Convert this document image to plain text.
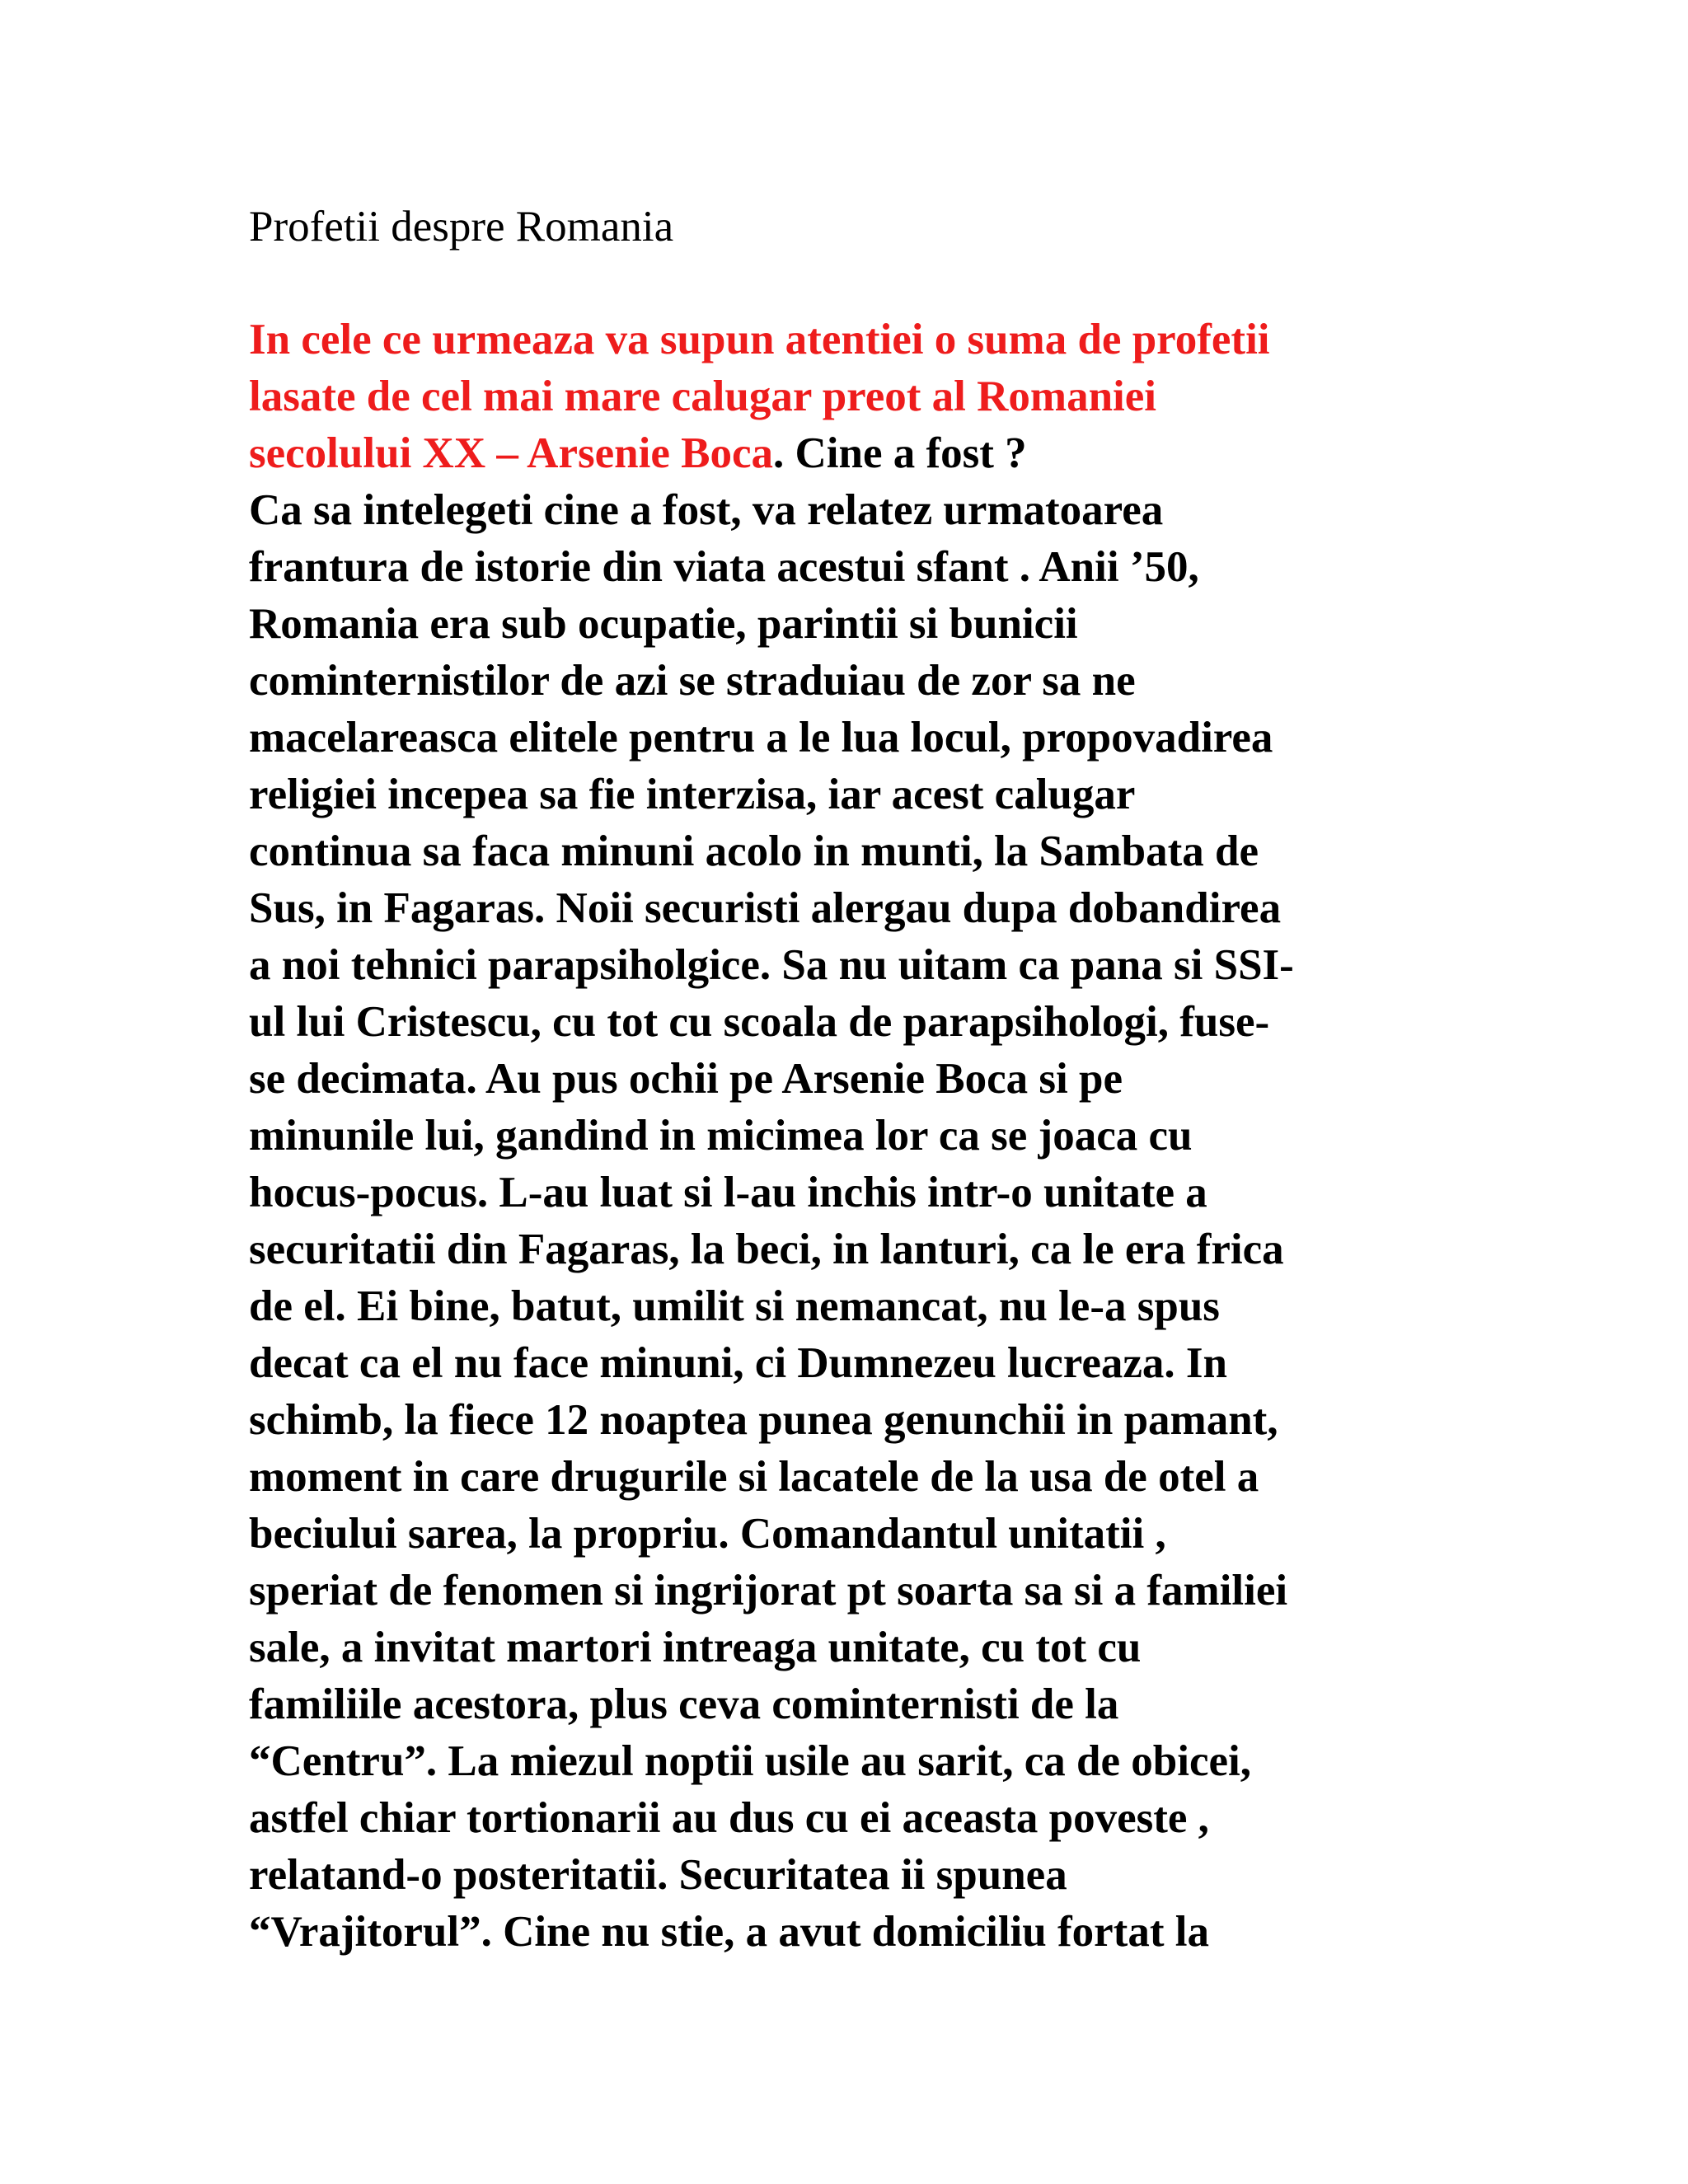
Profetii despre Romania
In cele ce urmeaza va supun atentiei o suma de profetii
lasate de cel mai mare calugar preot al Romaniei
secolului XX – Arsenie Boca. Cine a fost ?
Ca sa intelegeti cine a fost, va relatez urmatoarea
frantura de istorie din viata acestui sfant . Anii ’50,
Romania era sub ocupatie, parintii si bunicii
cominternistilor de azi se straduiau de zor sa ne
macelareasca elitele pentru a le lua locul, propovadirea
religiei incepea sa fie interzisa, iar acest calugar
continua sa faca minuni acolo in munti, la Sambata de
Sus, in Fagaras. Noii securisti alergau dupa dobandirea
a noi tehnici parapsiholgice. Sa nu uitam ca pana si SSI-
ul lui Cristescu, cu tot cu scoala de parapsihologi, fuse-
se decimata. Au pus ochii pe Arsenie Boca si pe
minunile lui, gandind in micimea lor ca se joaca cu
hocus-pocus. L-au luat si l-au inchis intr-o unitate a
securitatii din Fagaras, la beci, in lanturi, ca le era frica
de el. Ei bine, batut, umilit si nemancat, nu le-a spus
decat ca el nu face minuni, ci Dumnezeu lucreaza. In
schimb, la fiece 12 noaptea punea genunchii in pamant,
moment in care drugurile si lacatele de la usa de otel a
beciului sarea, la propriu. Comandantul unitatii ,
speriat de fenomen si ingrijorat pt soarta sa si a familiei
sale, a invitat martori intreaga unitate, cu tot cu
familiile acestora, plus ceva cominternisti de la
“Centru”. La miezul noptii usile au sarit, ca de obicei,
astfel chiar tortionarii au dus cu ei aceasta poveste ,
relatand-o posteritatii. Securitatea ii spunea
“Vrajitorul”. Cine nu stie, a avut domiciliu fortat la
